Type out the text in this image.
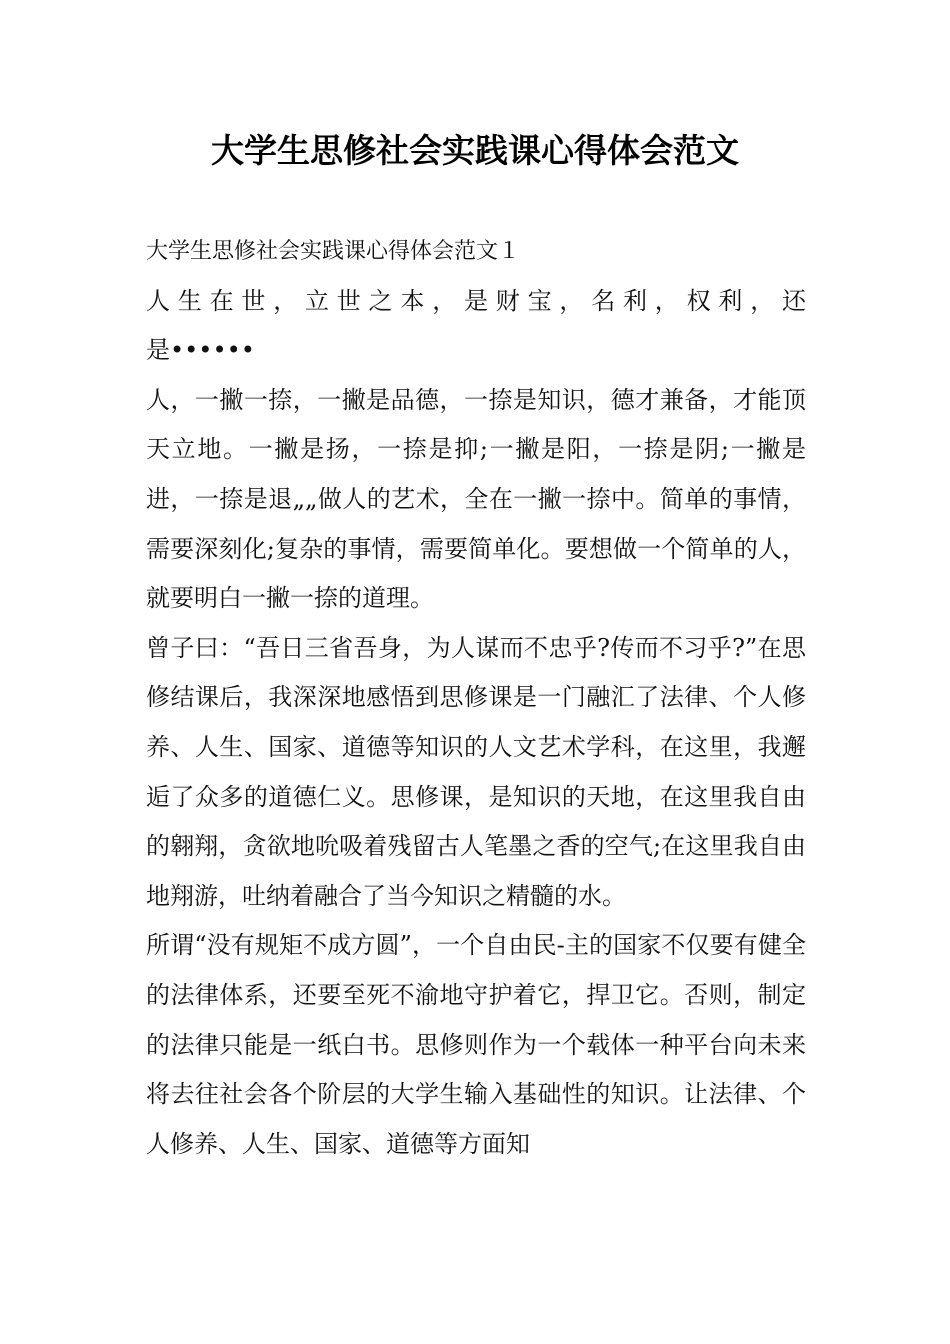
大学生思修社会实践课心得体会范文

大学生思修社会实践课心得体会范文１

人生在世，立世之本，是财宝，名利，权利，还

是••••••

人，一撇一捺，一撇是品德，一捺是知识，德才兼备，才能顶天立地。一撇是扬，一捺是抑;一撇是阳，一捺是阴;一撇是进，一捺是退„„做人的艺术，全在一撇一捺中。简单的事情，需要深刻化;复杂的事情，需要简单化。要想做一个简单的人，就要明白一撇一捺的道理。

曾子曰：“吾日三省吾身，为人谋而不忠乎?传而不习乎?”在思修结课后，我深深地感悟到思修课是一门融汇了法律、个人修养、人生、国家、道德等知识的人文艺术学科，在这里，我邂逅了众多的道德仁义。思修课，是知识的天地，在这里我自由的翱翔，贪欲地吮吸着残留古人笔墨之香的空气;在这里我自由地翔游，吐纳着融合了当今知识之精髓的水。

所谓“没有规矩不成方圆”，一个自由民-主的国家不仅要有健全的法律体系，还要至死不渝地守护着它，捍卫它。否则，制定的法律只能是一纸白书。思修则作为一个载体一种平台向未来将去往社会各个阶层的大学生输入基础性的知识。让法律、个人修养、人生、国家、道德等方面知
